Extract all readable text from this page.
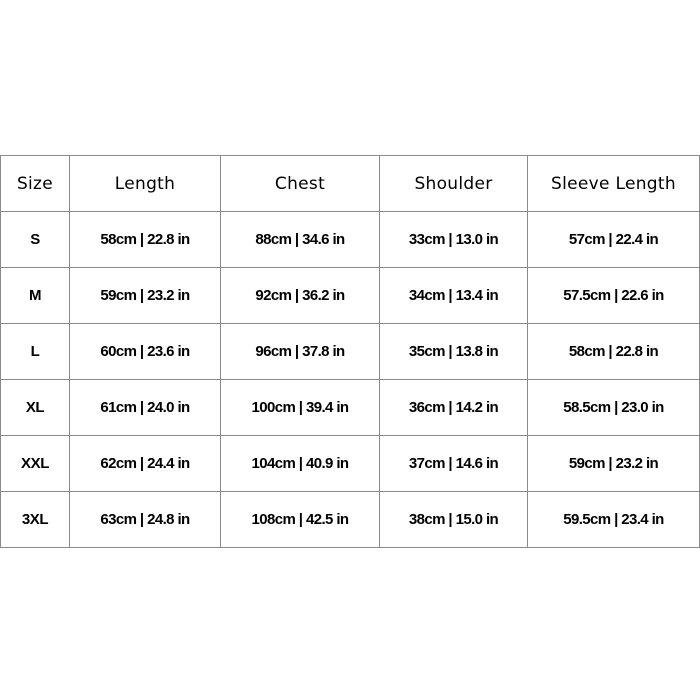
Size	Length	Chest	Shoulder	Sleeve Length
S	58cm | 22.8 in	88cm | 34.6 in	33cm | 13.0 in	57cm | 22.4 in
M	59cm | 23.2 in	92cm | 36.2 in	34cm | 13.4 in	57.5cm | 22.6 in
L	60cm | 23.6 in	96cm | 37.8 in	35cm | 13.8 in	58cm | 22.8 in
XL	61cm | 24.0 in	100cm | 39.4 in	36cm | 14.2 in	58.5cm | 23.0 in
XXL	62cm | 24.4 in	104cm | 40.9 in	37cm | 14.6 in	59cm | 23.2 in
3XL	63cm | 24.8 in	108cm | 42.5 in	38cm | 15.0 in	59.5cm | 23.4 in
